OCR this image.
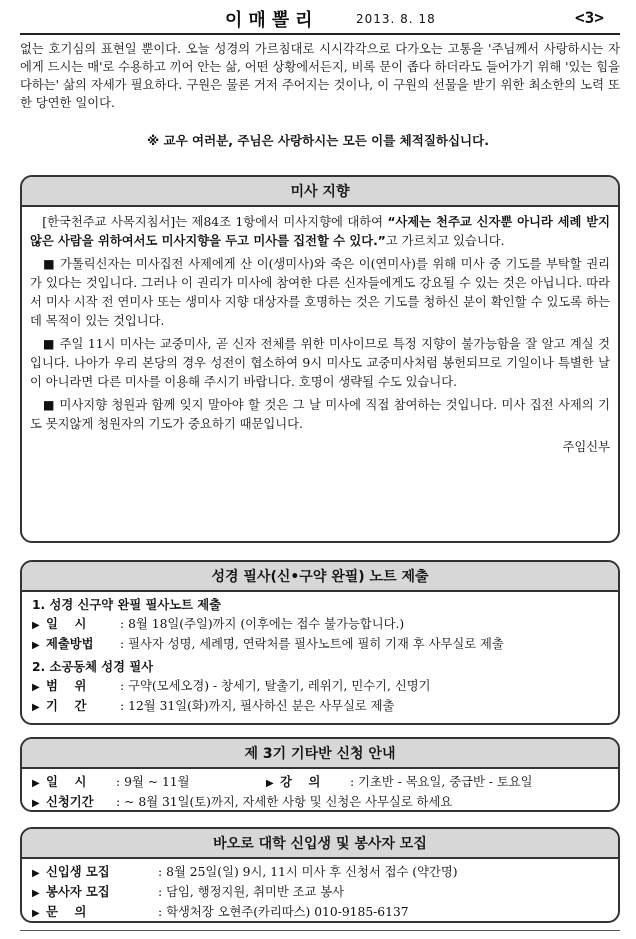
이매뽈리	2013. 8. 18	<3>
없는 호기심의 표현일 뿐이다. 오늘 성경의 가르침대로 시시각각으로 다가오는 고통을 '주님께서 사랑하시는 자에게 드시는 매'로 수용하고 끼어 안는 삶, 어떤 상황에서든지, 비록 문이 좁다 하더라도 들어가기 위해 '있는 힘을 다하는' 삶의 자세가 필요하다. 구원은 물론 거저 주어지는 것이나, 이 구원의 선물을 받기 위한 최소한의 노력 또한 당연한 일이다.
※ 교우 여러분, 주님은 사랑하시는 모든 이를 체적질하십니다.
미사 지향

 [한국천주교 사목지침서]는 제84조 1항에서 미사지향에 대하여 “사제는 천주교 신자뿐 아니라 세례 받지 않은 사람을 위하여서도 미사지향을 두고 미사를 집전할 수 있다.”고 가르치고 있습니다.

 ■ 가톨릭신자는 미사집전 사제에게 산 이(생미사)와 죽은 이(연미사)를 위해 미사 중 기도를 부탁할 권리가 있다는 것입니다. 그러나 이 권리가 미사에 참여한 다른 신자들에게도 강요될 수 있는 것은 아닙니다. 따라서 미사 시작 전 연미사 또는 생미사 지향 대상자를 호명하는 것은 기도를 청하신 분이 확인할 수 있도록 하는 데 목적이 있는 것입니다.

 ■ 주일 11시 미사는 교중미사, 곧 신자 전체를 위한 미사이므로 특정 지향이 불가능함을 잘 알고 계실 것입니다. 나아가 우리 본당의 경우 성전이 협소하여 9시 미사도 교중미사처럼 봉헌되므로 기일이나 특별한 날이 아니라면 다른 미사를 이용해 주시기 바랍니다. 호명이 생략될 수도 있습니다.

 ■ 미사지향 청원과 함께 잊지 말아야 할 것은 그 날 미사에 직접 참여하는 것입니다. 미사 집전 사제의 기도 못지않게 청원자의 기도가 중요하기 때문입니다.

주임신부
성경 필사(신•구약 완필) 노트 제출
1. 성경 신구약 완필 필사노트 제출
▶ 일　 시	: 8월 18일(주일)까지 (이후에는 접수 불가능합니다.)
▶ 제출방법	: 필사자 성명, 세례명, 연락처를 필사노트에 필히 기재 후 사무실로 제출
2. 소공동체 성경 필사
▶ 범　 위	: 구약(모세오경) - 창세기, 탈출기, 레위기, 민수기, 신명기
▶ 기　 간	: 12월 31일(화)까지, 필사하신 분은 사무실로 제출
제 3기 기타반 신청 안내
▶ 일　 시	: 9월 ~ 11월	▶ 강　 의	: 기초반 - 목요일, 중급반 - 토요일
▶ 신청기간	: ~ 8월 31일(토)까지, 자세한 사항 및 신청은 사무실로 하세요
바오로 대학 신입생 및 봉사자 모집
▶ 신입생 모집	: 8월 25일(일) 9시, 11시 미사 후 신청서 접수 (약간명)
▶ 봉사자 모집	: 담임, 행정지원, 취미반 조교 봉사
▶ 문　 의	: 학생처장 오현주(카리따스) 010-9185-6137
